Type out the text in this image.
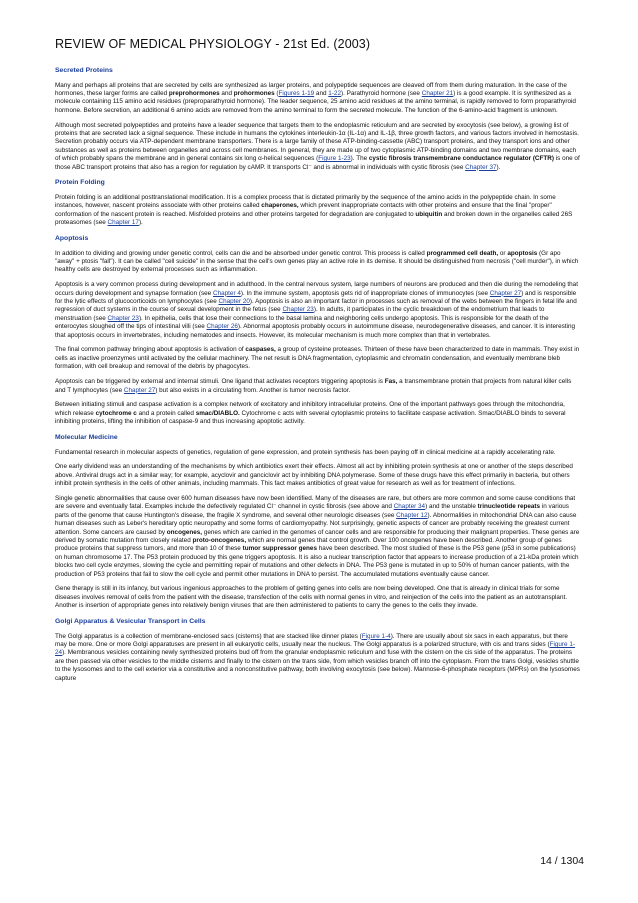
REVIEW OF MEDICAL PHYSIOLOGY - 21st Ed. (2003)
Secreted Proteins

Many and perhaps all proteins that are secreted by cells are synthesized as larger proteins, and polypeptide sequences are cleaved off from them during maturation. In the case of the hormones, these larger forms are called preprohormones and prohormones (Figures 1-19 and 1-22). Parathyroid hormone (see Chapter 21) is a good example. It is synthesized as a molecule containing 115 amino acid residues (preproparathyroid hormone). The leader sequence, 25 amino acid residues at the amino terminal, is rapidly removed to form proparathyroid hormone. Before secretion, an additional 6 amino acids are removed from the amino terminal to form the secreted molecule. The function of the 6-amino-acid fragment is unknown.

Although most secreted polypeptides and proteins have a leader sequence that targets them to the endoplasmic reticulum and are secreted by exocytosis (see below), a growing list of proteins that are secreted lack a signal sequence. These include in humans the cytokines interleukin-1α (IL-1α) and IL-1β, three growth factors, and various factors involved in hemostasis. Secretion probably occurs via ATP-dependent membrane transporters. There is a large family of these ATP-binding-cassette (ABC) transport proteins, and they transport ions and other substances as well as proteins between organelles and across cell membranes. In general, they are made up of two cytoplasmic ATP-binding domains and two membrane domains, each of which probably spans the membrane and in general contains six long α-helical sequences (Figure 1-23). The cystic fibrosis transmembrane conductance regulator (CFTR) is one of those ABC transport proteins that also has a region for regulation by cAMP. It transports Cl⁻ and is abnormal in individuals with cystic fibrosis (see Chapter 37).

Protein Folding

Protein folding is an additional posttranslational modification. It is a complex process that is dictated primarily by the sequence of the amino acids in the polypeptide chain. In some instances, however, nascent proteins associate with other proteins called chaperones, which prevent inappropriate contacts with other proteins and ensure that the final "proper" conformation of the nascent protein is reached. Misfolded proteins and other proteins targeted for degradation are conjugated to ubiquitin and broken down in the organelles called 26S proteasomes (see Chapter 17).

Apoptosis

In addition to dividing and growing under genetic control, cells can die and be absorbed under genetic control. This process is called programmed cell death, or apoptosis (Gr apo "away" + ptosis "fall"). It can be called "cell suicide" in the sense that the cell's own genes play an active role in its demise. It should be distinguished from necrosis ("cell murder"), in which healthy cells are destroyed by external processes such as inflammation.

Apoptosis is a very common process during development and in adulthood. In the central nervous system, large numbers of neurons are produced and then die during the remodeling that occurs during development and synapse formation (see Chapter 4). In the immune system, apoptosis gets rid of inappropriate clones of immunocytes (see Chapter 27) and is responsible for the lytic effects of glucocorticoids on lymphocytes (see Chapter 20). Apoptosis is also an important factor in processes such as removal of the webs between the fingers in fetal life and regression of duct systems in the course of sexual development in the fetus (see Chapter 23). In adults, it participates in the cyclic breakdown of the endometrium that leads to menstruation (see Chapter 23). In epithelia, cells that lose their connections to the basal lamina and neighboring cells undergo apoptosis. This is responsible for the death of the enterocytes sloughed off the tips of intestinal villi (see Chapter 26). Abnormal apoptosis probably occurs in autoimmune disease, neurodegenerative diseases, and cancer. It is interesting that apoptosis occurs in invertebrates, including nematodes and insects. However, its molecular mechanism is much more complex than that in vertebrates.

The final common pathway bringing about apoptosis is activation of caspases, a group of cysteine proteases. Thirteen of these have been characterized to date in mammals. They exist in cells as inactive proenzymes until activated by the cellular machinery. The net result is DNA fragmentation, cytoplasmic and chromatin condensation, and eventually membrane bleb formation, with cell breakup and removal of the debris by phagocytes.

Apoptosis can be triggered by external and internal stimuli. One ligand that activates receptors triggering apoptosis is Fas, a transmembrane protein that projects from natural killer cells and T lymphocytes (see Chapter 27) but also exists in a circulating from. Another is tumor necrosis factor.

Between initiating stimuli and caspase activation is a complex network of excitatory and inhibitory intracellular proteins. One of the important pathways goes through the mitochondria, which release cytochrome c and a protein called smac/DIABLO. Cytochrome c acts with several cytoplasmic proteins to facilitate caspase activation. Smac/DIABLO binds to several inhibiting proteins, lifting the inhibition of caspase-9 and thus increasing apoptotic activity.

Molecular Medicine

Fundamental research in molecular aspects of genetics, regulation of gene expression, and protein synthesis has been paying off in clinical medicine at a rapidly accelerating rate.

One early dividend was an understanding of the mechanisms by which antibiotics exert their effects. Almost all act by inhibiting protein synthesis at one or another of the steps described above. Antiviral drugs act in a similar way; for example, acyclovir and ganciclovir act by inhibiting DNA polymerase. Some of these drugs have this effect primarily in bacteria, but others inhibit protein synthesis in the cells of other animals, including mammals. This fact makes antibiotics of great value for research as well as for treatment of infections.

Single genetic abnormalities that cause over 600 human diseases have now been identified. Many of the diseases are rare, but others are more common and some cause conditions that are severe and eventually fatal. Examples include the defectively regulated Cl⁻ channel in cystic fibrosis (see above and Chapter 34) and the unstable trinucleotide repeats in various parts of the genome that cause Huntington's disease, the fragile X syndrome, and several other neurologic diseases (see Chapter 12). Abnormalities in mitochondrial DNA can also cause human diseases such as Leber's hereditary optic neuropathy and some forms of cardiomyopathy. Not surprisingly, genetic aspects of cancer are probably receiving the greatest current attention. Some cancers are caused by oncogenes, genes which are carried in the genomes of cancer cells and are responsible for producing their malignant properties. These genes are derived by somatic mutation from closely related proto-oncogenes, which are normal genes that control growth. Over 100 oncogenes have been described. Another group of genes produce proteins that suppress tumors, and more than 10 of these tumor suppressor genes have been described. The most studied of these is the P53 gene (p53 in some publications) on human chromosome 17. The P53 protein produced by this gene triggers apoptosis. It is also a nuclear transcription factor that appears to increase production of a 21-kDa protein which blocks two cell cycle enzymes, slowing the cycle and permitting repair of mutations and other defects in DNA. The P53 gene is mutated in up to 50% of human cancer patients, with the production of P53 proteins that fail to slow the cell cycle and permit other mutations in DNA to persist. The accumulated mutations eventually cause cancer.

Gene therapy is still in its infancy, but various ingenious approaches to the problem of getting genes into cells are now being developed. One that is already in clinical trials for some diseases involves removal of cells from the patient with the disease, transfection of the cells with normal genes in vitro, and reinjection of the cells into the patient as an autotransplant. Another is insertion of appropriate genes into relatively benign viruses that are then administered to patients to carry the genes to the cells they invade.

Golgi Apparatus & Vesicular Transport in Cells

The Golgi apparatus is a collection of membrane-enclosed sacs (cisterns) that are stacked like dinner plates (Figure 1-4). There are usually about six sacs in each apparatus, but there may be more. One or more Golgi apparatuses are present in all eukaryotic cells, usually near the nucleus. The Golgi apparatus is a polarized structure, with cis and trans sides (Figure 1-24). Membranous vesicles containing newly synthesized proteins bud off from the granular endoplasmic reticulum and fuse with the cistern on the cis side of the apparatus. The proteins are then passed via other vesicles to the middle cisterns and finally to the cistern on the trans side, from which vesicles branch off into the cytoplasm. From the trans Golgi, vesicles shuttle to the lysosomes and to the cell exterior via a constitutive and a nonconstitutive pathway, both involving exocytosis (see below). Mannose-6-phosphate receptors (MPRs) on the lysosomes capture

14 / 1304
